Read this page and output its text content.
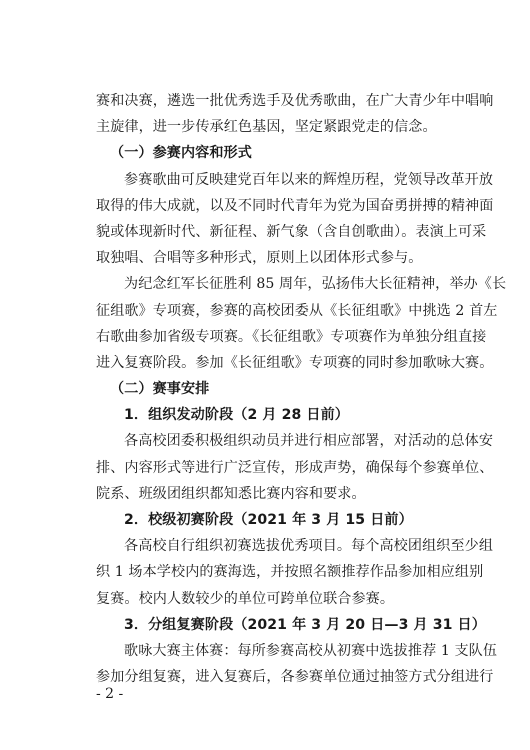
赛和决赛，遴选一批优秀选手及优秀歌曲，在广大青少年中唱响
主旋律，进一步传承红色基因，坚定紧跟党走的信念。
（一）参赛内容和形式
参赛歌曲可反映建党百年以来的辉煌历程，党领导改革开放
取得的伟大成就，以及不同时代青年为党为国奋勇拼搏的精神面
貌或体现新时代、新征程、新气象（含自创歌曲）。表演上可采
取独唱、合唱等多种形式，原则上以团体形式参与。
为纪念红军长征胜利 85 周年，弘扬伟大长征精神，举办《长
征组歌》专项赛，参赛的高校团委从《长征组歌》中挑选 2 首左
右歌曲参加省级专项赛。《长征组歌》专项赛作为单独分组直接
进入复赛阶段。参加《长征组歌》专项赛的同时参加歌咏大赛。
（二）赛事安排
1．组织发动阶段（2 月 28 日前）
各高校团委积极组织动员并进行相应部署，对活动的总体安
排、内容形式等进行广泛宣传，形成声势，确保每个参赛单位、
院系、班级团组织都知悉比赛内容和要求。
2．校级初赛阶段（2021 年 3 月 15 日前）
各高校自行组织初赛选拔优秀项目。每个高校团组织至少组
织 1 场本学校内的赛海选，并按照名额推荐作品参加相应组别
复赛。校内人数较少的单位可跨单位联合参赛。
3．分组复赛阶段（2021 年 3 月 20 日—3 月 31 日）
歌咏大赛主体赛：每所参赛高校从初赛中选拔推荐 1 支队伍
参加分组复赛，进入复赛后，各参赛单位通过抽签方式分组进行
- 2 -
